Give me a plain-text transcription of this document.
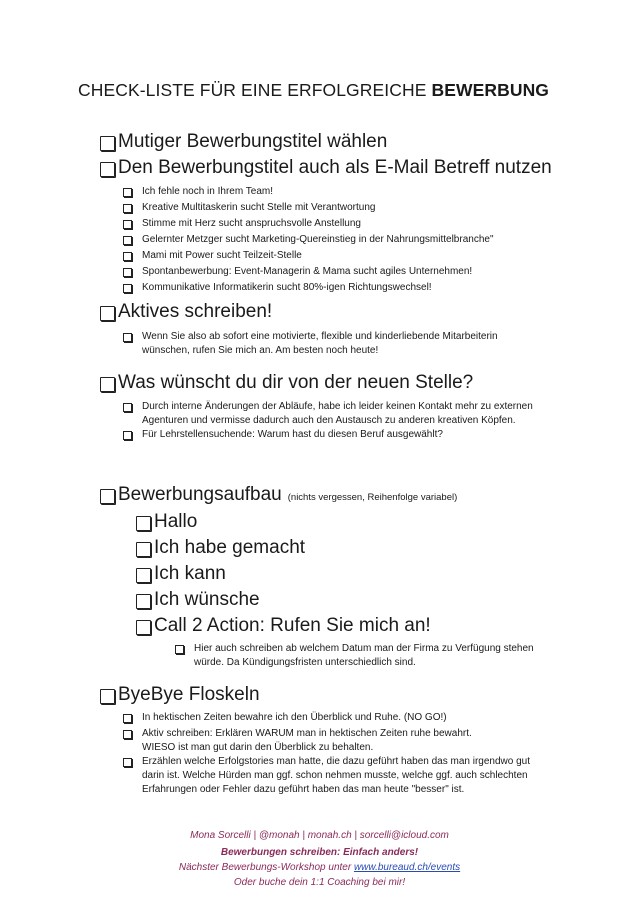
CHECK-LISTE FÜR EINE ERFOLGREICHE BEWERBUNG
Mutiger Bewerbungstitel wählen
Den Bewerbungstitel auch als E-Mail Betreff nutzen
Ich fehle noch in Ihrem Team!
Kreative Multitaskerin sucht Stelle mit Verantwortung
Stimme mit Herz sucht anspruchsvolle Anstellung
Gelernter Metzger sucht Marketing-Quereinstieg in der Nahrungsmittelbranche"
Mami mit Power sucht Teilzeit-Stelle
Spontanbewerbung: Event-Managerin & Mama sucht agiles Unternehmen!
Kommunikative Informatikerin sucht 80%-igen Richtungswechsel!
Aktives schreiben!
Wenn Sie also ab sofort eine motivierte, flexible und kinderliebende Mitarbeiterin
wünschen, rufen Sie mich an. Am besten noch heute!
Was wünscht du dir von der neuen Stelle?
Durch interne Änderungen der Abläufe, habe ich leider keinen Kontakt mehr zu externen
Agenturen und vermisse dadurch auch den Austausch zu anderen kreativen Köpfen.
Für Lehrstellensuchende: Warum hast du diesen Beruf ausgewählt?
Bewerbungsaufbau (nichts vergessen, Reihenfolge variabel)
Hallo
Ich habe gemacht
Ich kann
Ich wünsche
Call 2 Action: Rufen Sie mich an!
Hier auch schreiben ab welchem Datum man der Firma zu Verfügung stehen
würde. Da Kündigungsfristen unterschiedlich sind.
ByeBye Floskeln
In hektischen Zeiten bewahre ich den Überblick und Ruhe. (NO GO!)
Aktiv schreiben: Erklären WARUM man in hektischen Zeiten ruhe bewahrt.
WIESO ist man gut darin den Überblick zu behalten.
Erzählen welche Erfolgstories man hatte, die dazu geführt haben das man irgendwo gut
darin ist. Welche Hürden man ggf. schon nehmen musste, welche ggf. auch schlechten
Erfahrungen oder Fehler dazu geführt haben das man heute "besser" ist.
Mona Sorcelli | @monah | monah.ch | sorcelli@icloud.com
Bewerbungen schreiben: Einfach anders!
Nächster Bewerbungs-Workshop unter www.bureaud.ch/events
Oder buche dein 1:1 Coaching bei mir!
